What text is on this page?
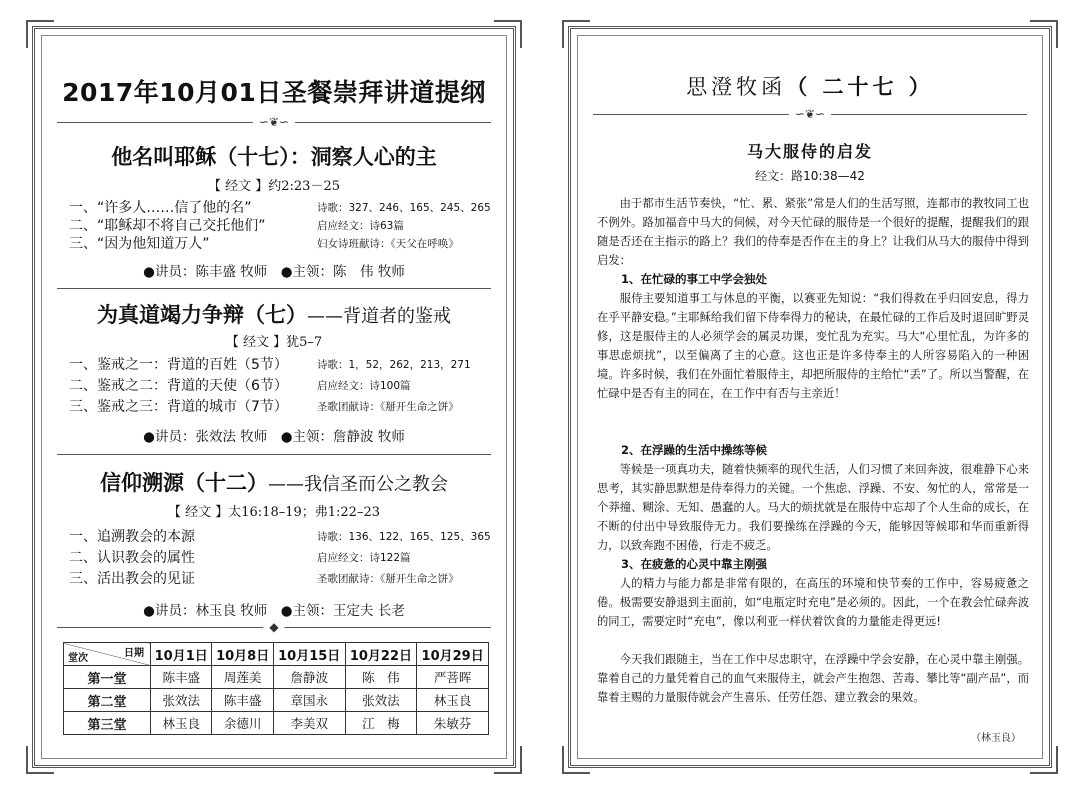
2017年10月01日圣餐崇拜讲道提纲
∽❦∽
他名叫耶稣（十七）：洞察人心的主
【 经文 】约2:23－25
一、“许多人……信了他的名”	诗歌：327、246、165、245、265
二、“耶稣却不将自己交托他们”	启应经文：诗63篇
三、“因为他知道万人”	妇女诗班献诗：《天父在呼唤》
●讲员：陈丰盛 牧师　●主领：陈　伟 牧师
为真道竭力争辩（七）——背道者的鉴戒
【 经文 】犹5–7
一、鉴戒之一：背道的百姓（5节）	诗歌：1，52，262，213，271
二、鉴戒之二：背道的天使（6节）	启应经文：诗100篇
三、鉴戒之三：背道的城市（7节）	圣歌团献诗：《掰开生命之饼》
●讲员：张效法 牧师　●主领：詹静波 牧师
信仰溯源（十二）——我信圣而公之教会
【 经文 】太16:18–19；弗1:22–23
一、追溯教会的本源	诗歌：136、122、165、125、365
二、认识教会的属性	启应经文：诗122篇
三、活出教会的见证	圣歌团献诗：《掰开生命之饼》
●讲员：林玉良 牧师　●主领：王定夫 长老
◆
日期
堂次	10月1日	10月8日	10月15日	10月22日	10月29日
第一堂	陈丰盛	周莲美	詹静波	陈　伟	严菩晖
第二堂	张效法	陈丰盛	章国永	张效法	林玉良
第三堂	林玉良	余德川	李美双	江　梅	朱敏芬
思澄牧函（ 二十七 ）
∽❦∽
马大服侍的启发
经文：路10:38—42
由于都市生活节奏快，“忙、累、紧张”常是人们的生活写照，连都市的教牧同工也不例外。路加福音中马大的伺候，对今天忙碌的服侍是一个很好的提醒，提醒我们的跟随是否还在主指示的路上？我们的侍奉是否作在主的身上？让我们从马大的服侍中得到启发：
1、在忙碌的事工中学会独处
服侍主要知道事工与休息的平衡，以赛亚先知说：“我们得救在乎归回安息，得力在乎平静安稳。”主耶稣给我们留下侍奉得力的秘诀，在最忙碌的工作后及时退回旷野灵修，这是服侍主的人必须学会的属灵功课，变忙乱为充实。马大“心里忙乱，为许多的事思虑烦扰”，以至偏离了主的心意。这也正是许多侍奉主的人所容易陷入的一种困境。许多时候，我们在外面忙着服侍主，却把所服侍的主给忙“丢”了。所以当警醒，在忙碌中是否有主的同在，在工作中有否与主亲近！
2、在浮躁的生活中操练等候
等候是一项真功夫，随着快频率的现代生活，人们习惯了来回奔波，很难静下心来思考，其实静思默想是侍奉得力的关键。一个焦虑、浮躁、不安、匆忙的人，常常是一个莽撞、糊涂、无知、愚蠢的人。马大的烦扰就是在服侍中忘却了个人生命的成长，在不断的付出中导致服侍无力。我们要操练在浮躁的今天，能够因等候耶和华而重新得力，以致奔跑不困倦，行走不疲乏。
3、在疲惫的心灵中靠主刚强
人的精力与能力都是非常有限的，在高压的环境和快节奏的工作中，容易疲惫之倦。极需要安静退到主面前，如“电瓶定时充电”是必须的。因此，一个在教会忙碌奔波的同工，需要定时“充电”，像以利亚一样伏着饮食的力量能走得更远!
今天我们跟随主，当在工作中尽忠职守，在浮躁中学会安静，在心灵中靠主刚强。靠着自己的力量凭着自己的血气来服侍主，就会产生抱怨、苦毒、攀比等“副产品”，而靠着主赐的力量服侍就会产生喜乐、任劳任怨、建立教会的果效。
（林玉良）
